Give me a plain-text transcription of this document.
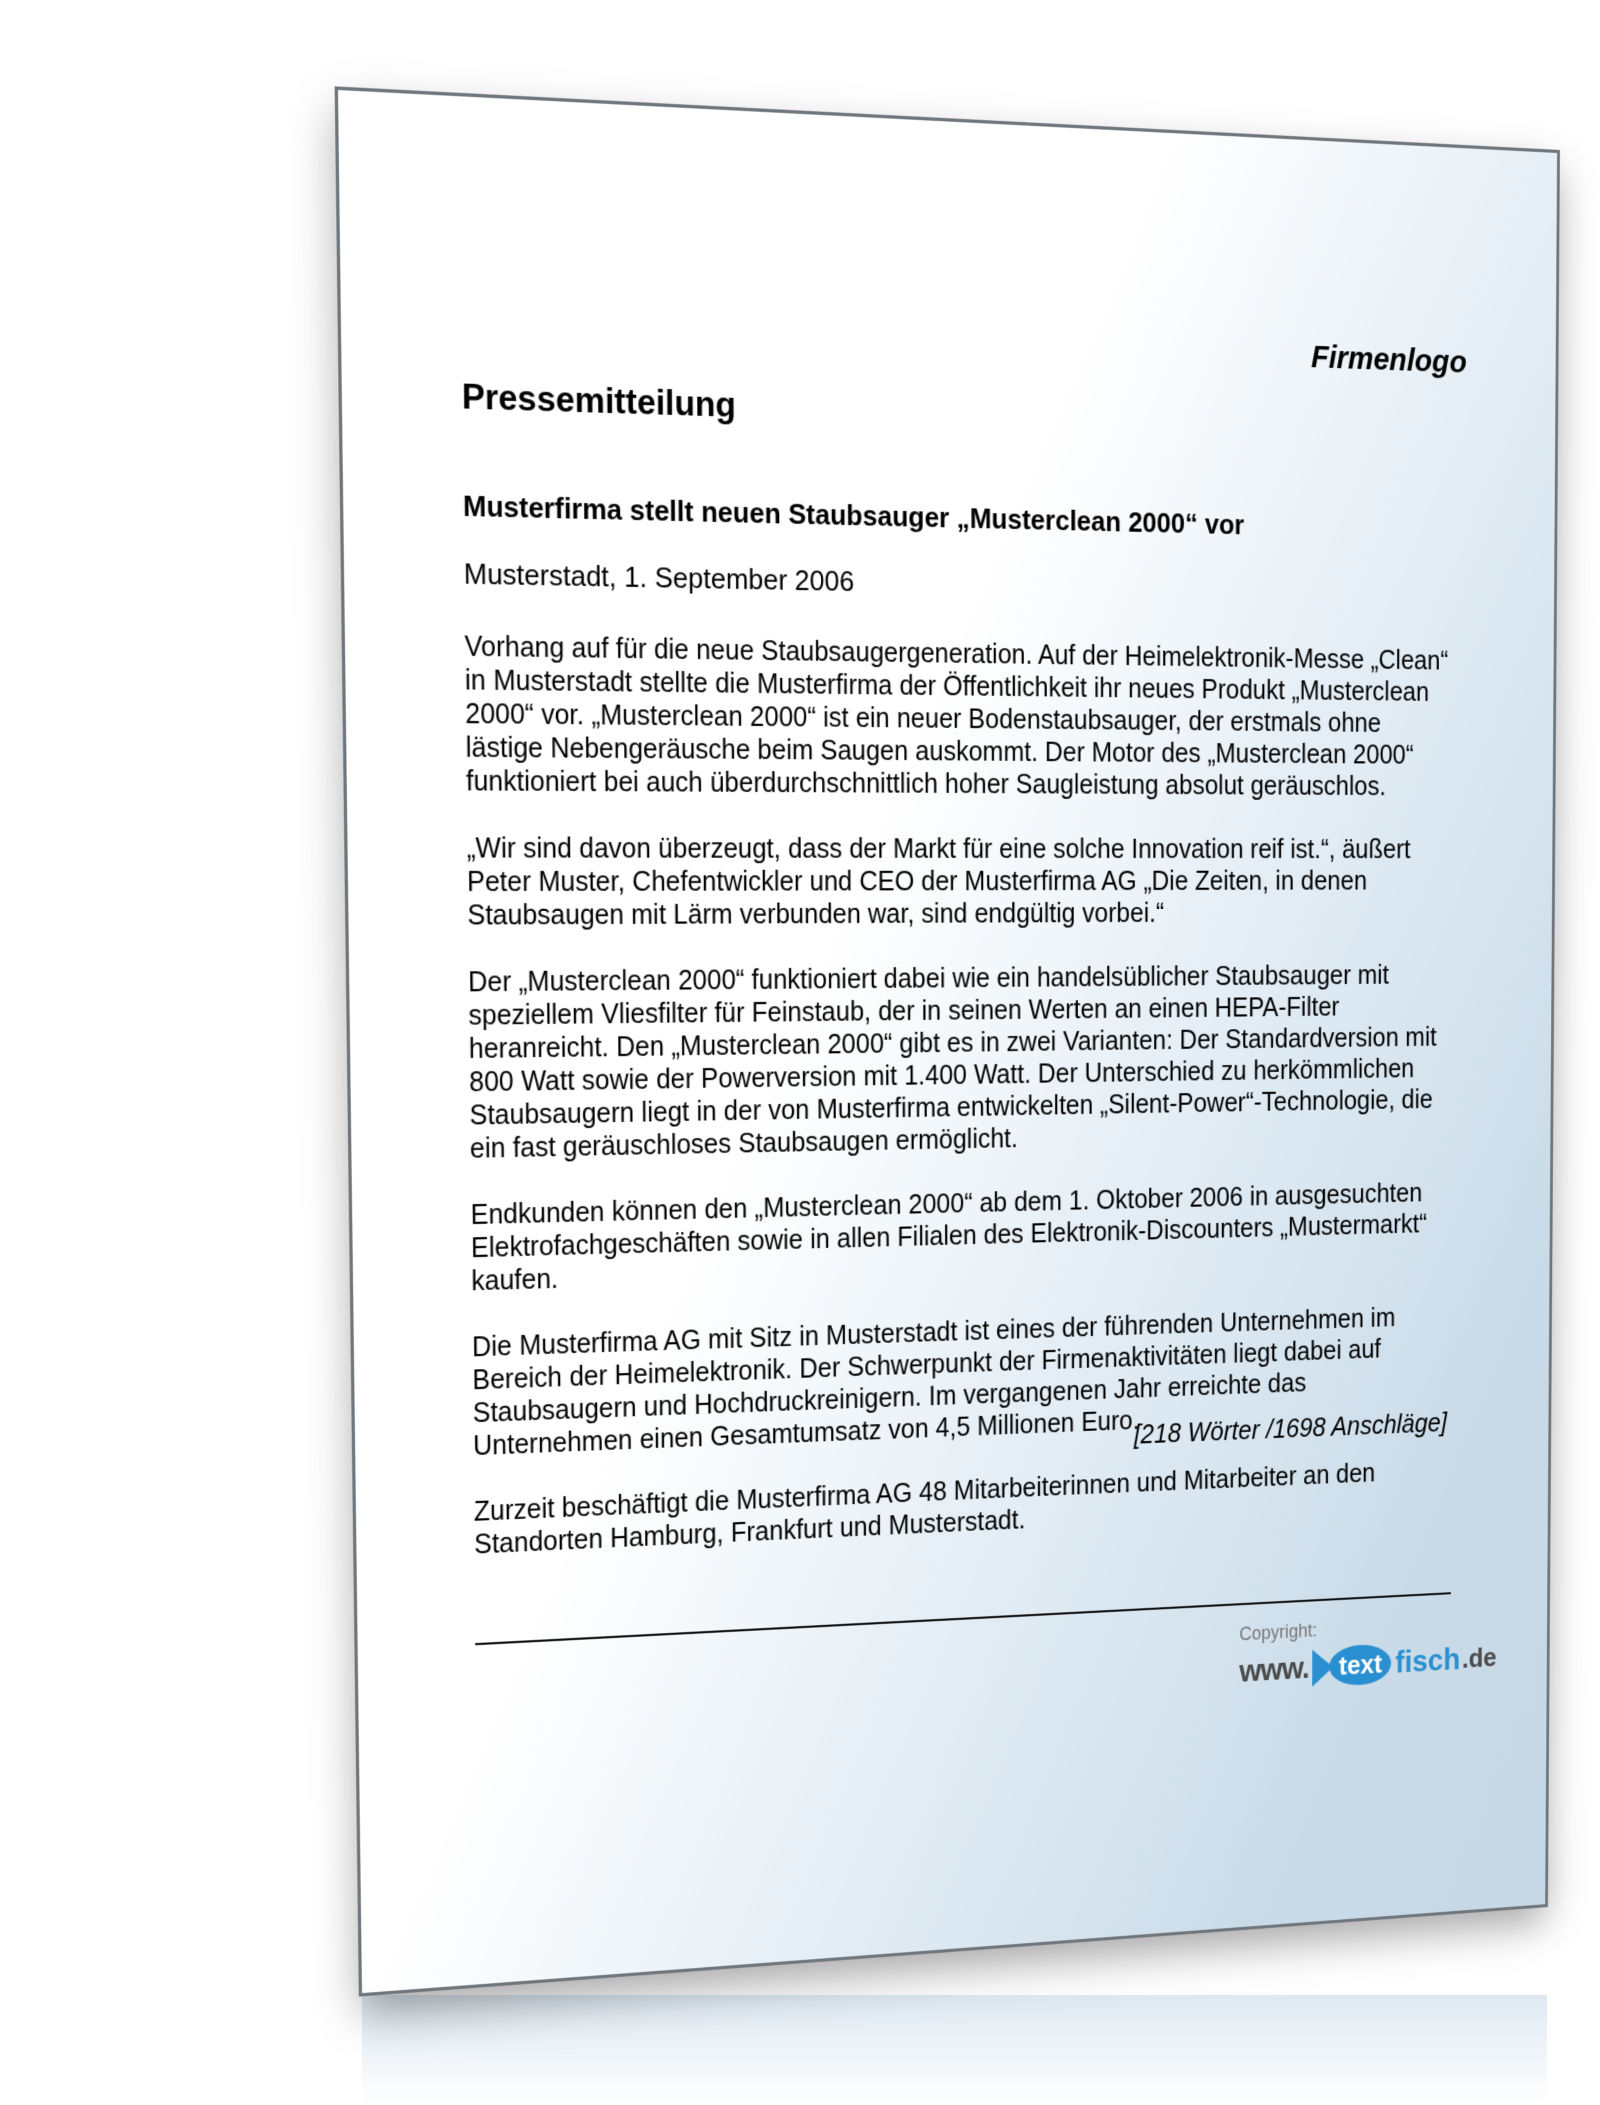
Firmenlogo
Pressemitteilung
Musterfirma stellt neuen Staubsauger „Musterclean 2000“ vor
Musterstadt, 1. September 2006

Vorhang auf für die neue Staubsaugergeneration. Auf der Heimelektronik-Messe „Clean“ in Musterstadt stellte die Musterfirma der Öffentlichkeit ihr neues Produkt „Musterclean 2000“ vor. „Musterclean 2000“ ist ein neuer Bodenstaubsauger, der erstmals ohne lästige Nebengeräusche beim Saugen auskommt. Der Motor des „Musterclean 2000“ funktioniert bei auch überdurchschnittlich hoher Saugleistung absolut geräuschlos.

„Wir sind davon überzeugt, dass der Markt für eine solche Innovation reif ist.“, äußert Peter Muster, Chefentwickler und CEO der Musterfirma AG „Die Zeiten, in denen Staubsaugen mit Lärm verbunden war, sind endgültig vorbei.“

Der „Musterclean 2000“ funktioniert dabei wie ein handelsüblicher Staubsauger mit speziellem Vliesfilter für Feinstaub, der in seinen Werten an einen HEPA-Filter heranreicht. Den „Musterclean 2000“ gibt es in zwei Varianten: Der Standardversion mit 800 Watt sowie der Powerversion mit 1.400 Watt. Der Unterschied zu herkömmlichen Staubsaugern liegt in der von Musterfirma entwickelten „Silent-Power“-Technologie, die ein fast geräuschloses Staubsaugen ermöglicht.

Endkunden können den „Musterclean 2000“ ab dem 1. Oktober 2006 in ausgesuchten Elektrofachgeschäften sowie in allen Filialen des Elektronik-Discounters „Mustermarkt“ kaufen.

Die Musterfirma AG mit Sitz in Musterstadt ist eines der führenden Unternehmen im Bereich der Heimelektronik. Der Schwerpunkt der Firmenaktivitäten liegt dabei auf Staubsaugern und Hochdruckreinigern. Im vergangenen Jahr erreichte das Unternehmen einen Gesamtumsatz von 4,5 Millionen Euro.

Zurzeit beschäftigt die Musterfirma AG 48 Mitarbeiterinnen und Mitarbeiter an den Standorten Hamburg, Frankfurt und Musterstadt.

[218 Wörter /1698 Anschläge]
Copyright:
www.	text fisch .de
